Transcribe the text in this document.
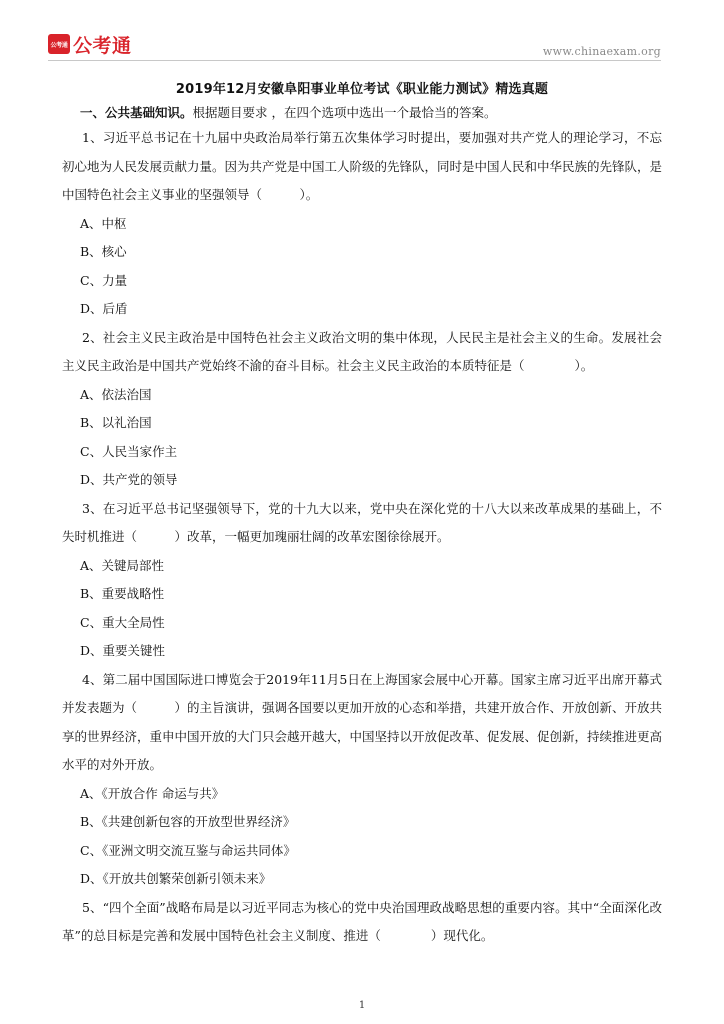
公考通 公考通	www.chinaexam.org
2019年12月安徽阜阳事业单位考试《职业能力测试》精选真题

一、公共基础知识。根据题目要求 ，在四个选项中选出一个最恰当的答案。

1、习近平总书记在十九届中央政治局举行第五次集体学习时提出，要加强对共产党人的理论学习，不忘初心地为人民发展贡献力量。因为共产党是中国工人阶级的先锋队，同时是中国人民和中华民族的先锋队，是中国特色社会主义事业的坚强领导（　　　）。

A、中枢

B、核心

C、力量

D、后盾

2、社会主义民主政治是中国特色社会主义政治文明的集中体现，人民民主是社会主义的生命。发展社会主义民主政治是中国共产党始终不渝的奋斗目标。社会主义民主政治的本质特征是（　　　　）。

A、依法治国

B、以礼治国

C、人民当家作主

D、共产党的领导

3、在习近平总书记坚强领导下，党的十九大以来，党中央在深化党的十八大以来改革成果的基础上，不失时机推进（　　　）改革，一幅更加瑰丽壮阔的改革宏图徐徐展开。

A、关键局部性

B、重要战略性

C、重大全局性

D、重要关键性

4、第二届中国国际进口博览会于2019年11月5日在上海国家会展中心开幕。国家主席习近平出席开幕式并发表题为（　　　）的主旨演讲，强调各国要以更加开放的心态和举措，共建开放合作、开放创新、开放共享的世界经济，重申中国开放的大门只会越开越大，中国坚持以开放促改革、促发展、促创新，持续推进更高水平的对外开放。

A、《开放合作 命运与共》

B、《共建创新包容的开放型世界经济》

C、《亚洲文明交流互鉴与命运共同体》

D、《开放共创繁荣创新引领未来》

5、“四个全面”战略布局是以习近平同志为核心的党中央治国理政战略思想的重要内容。其中“全面深化改革”的总目标是完善和发展中国特色社会主义制度、推进（　　　　）现代化。

1
